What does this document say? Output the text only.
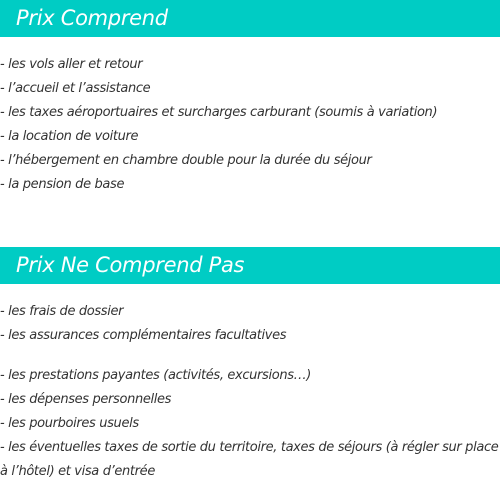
Prix Comprend
- les vols aller et retour
- l’accueil et l’assistance
- les taxes aéroportuaires et surcharges carburant (soumis à variation)
- la location de voiture
- l’hébergement en chambre double pour la durée du séjour
- la pension de base
Prix Ne Comprend Pas
- les frais de dossier
- les assurances complémentaires facultatives
- les prestations payantes (activités, excursions…)
- les dépenses personnelles
- les pourboires usuels
- les éventuelles taxes de sortie du territoire, taxes de séjours (à régler sur place à l’hôtel) et visa d’entrée
